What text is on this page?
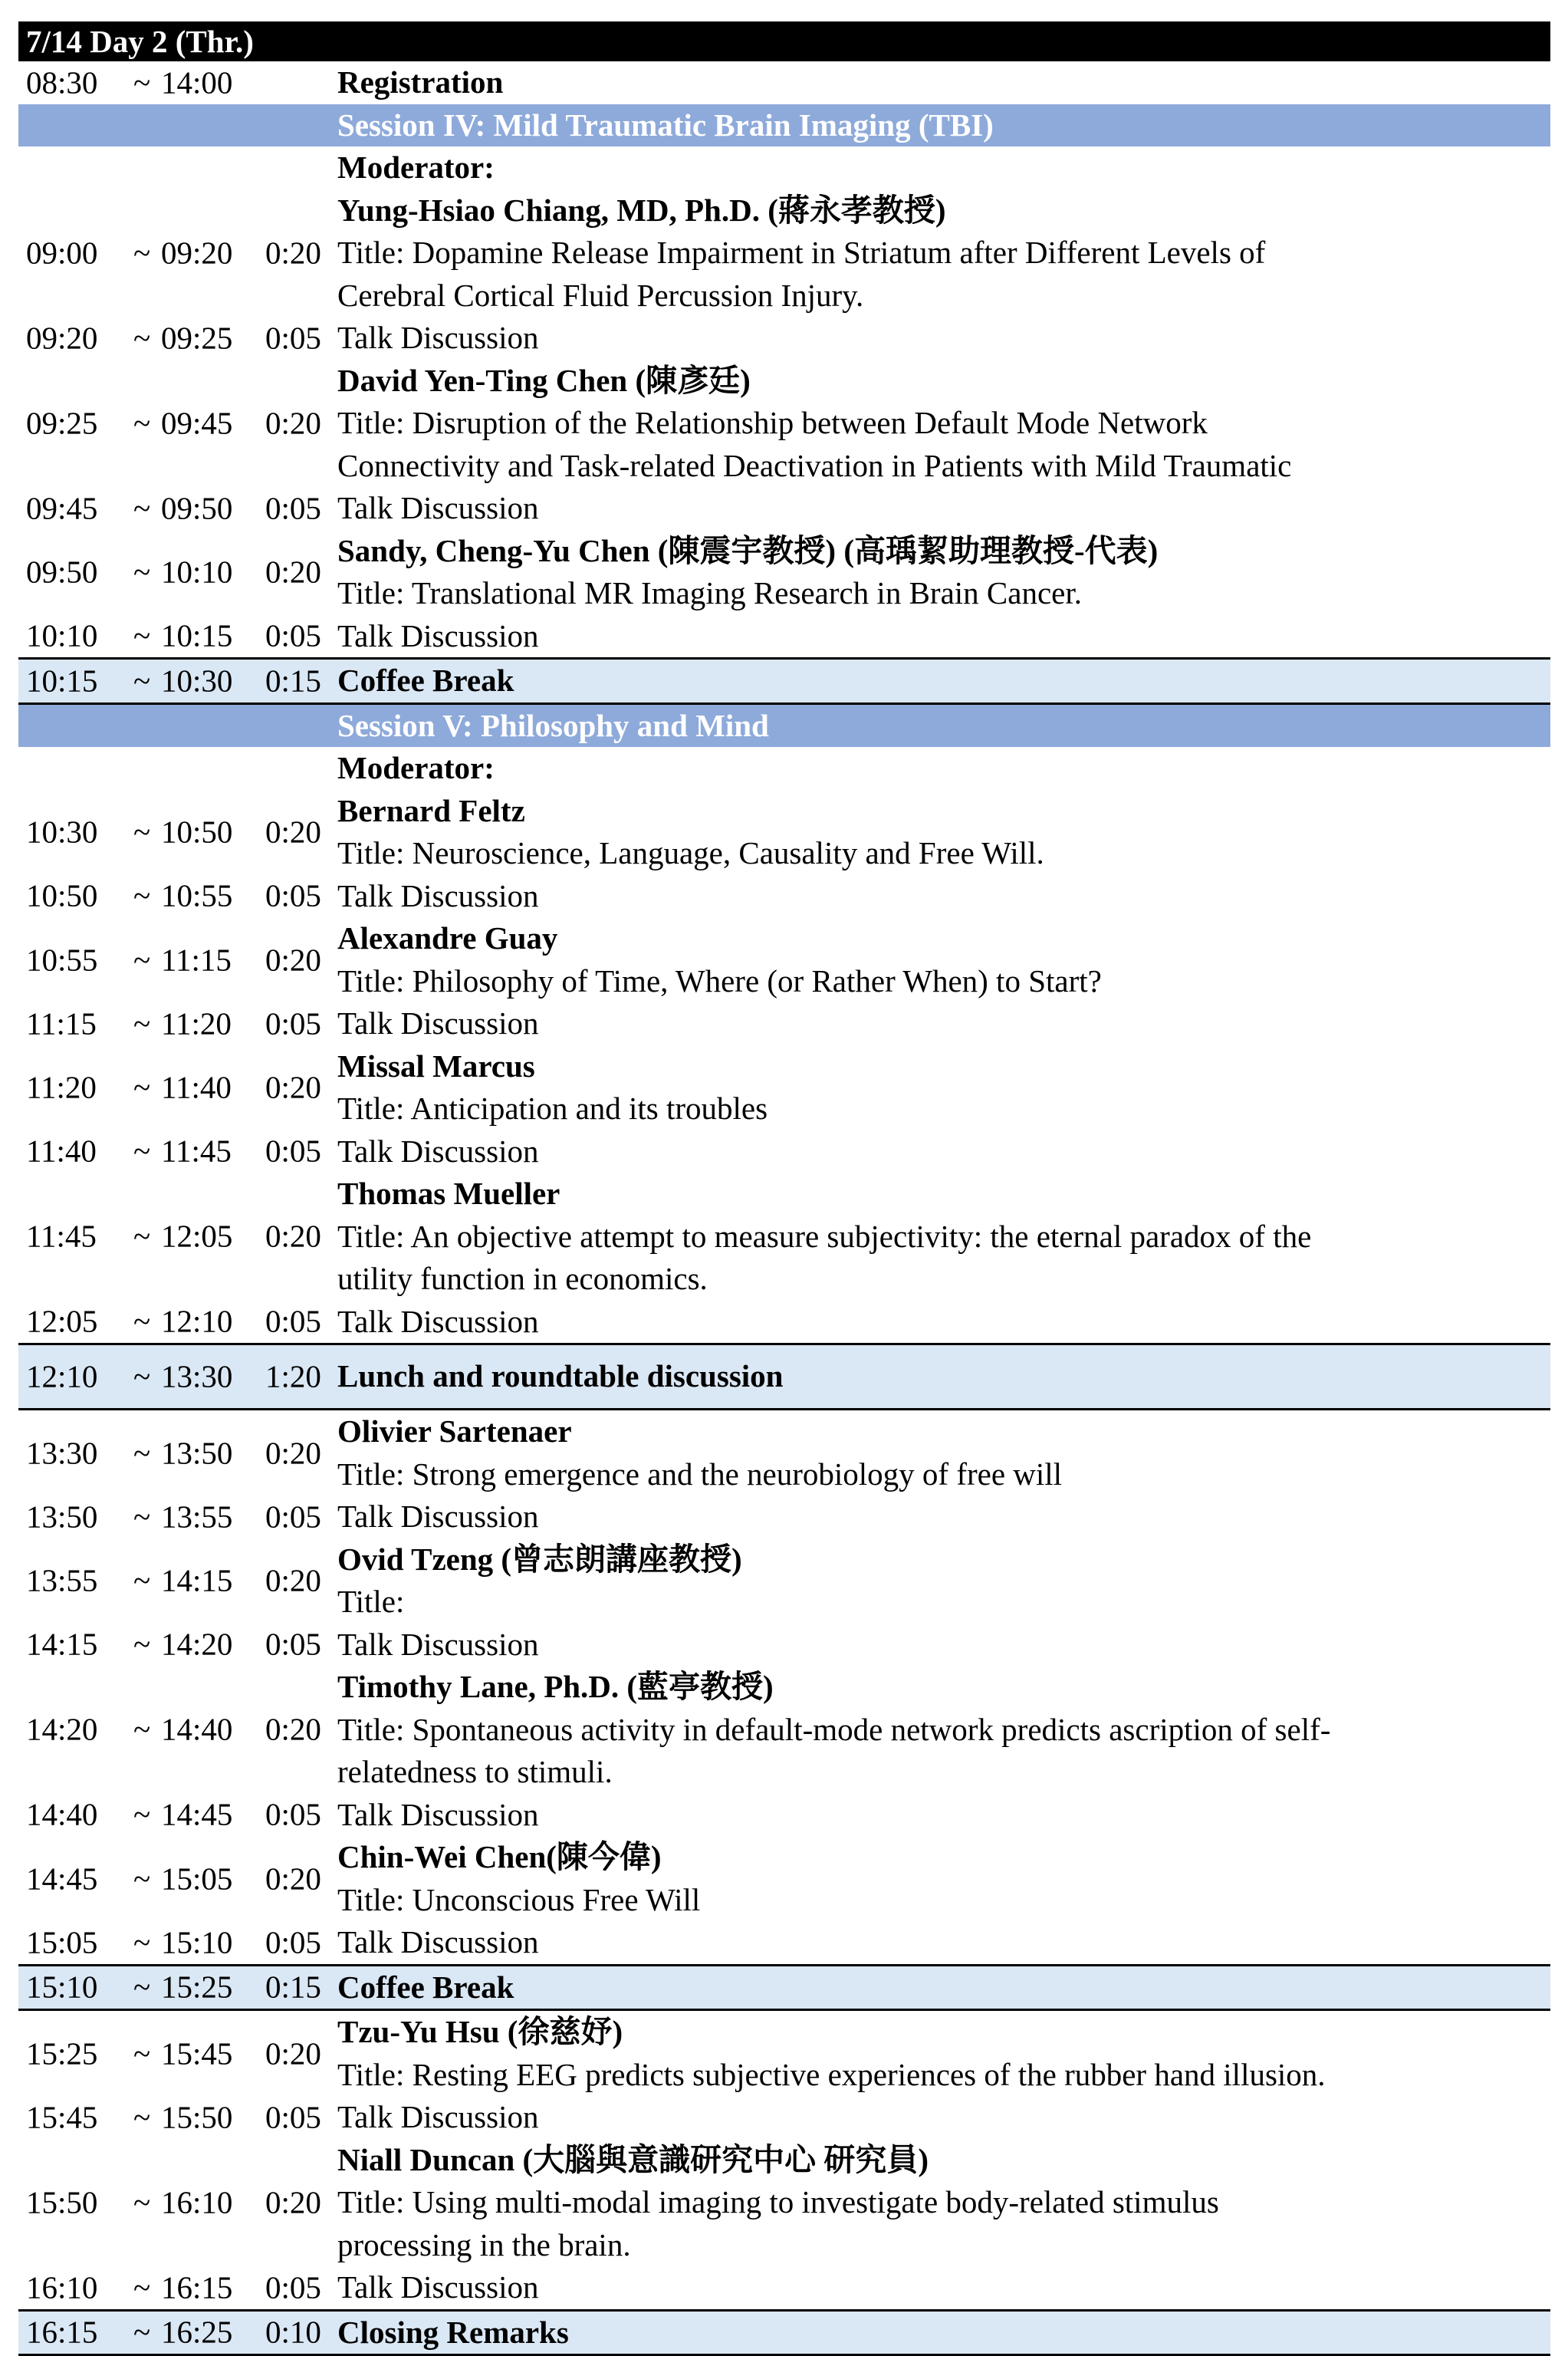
7/14 Day 2 (Thr.)
08:30 ~ 14:00	Registration
Session IV: Mild Traumatic Brain Imaging (TBI)
Moderator:
09:00 ~ 09:20 0:20
Yung-Hsiao Chiang, MD, Ph.D. (蔣永孝教授)
Title: Dopamine Release Impairment in Striatum after Different Levels of
Cerebral Cortical Fluid Percussion Injury.
09:20 ~ 09:25 0:05 Talk Discussion
09:25 ~ 09:45 0:20
David Yen-Ting Chen (陳彥廷)
Title: Disruption of the Relationship between Default Mode Network
Connectivity and Task-related Deactivation in Patients with Mild Traumatic
09:45 ~ 09:50 0:05 Talk Discussion
09:50 ~ 10:10 0:20
Sandy, Cheng-Yu Chen (陳震宇教授) (高瑀絜助理教授-代表)
Title: Translational MR Imaging Research in Brain Cancer.
10:10 ~ 10:15 0:05 Talk Discussion
10:15 ~ 10:30 0:15 Coffee Break
Session V: Philosophy and Mind
Moderator:
10:30 ~ 10:50 0:20
Bernard Feltz
Title: Neuroscience, Language, Causality and Free Will.
10:50 ~ 10:55 0:05 Talk Discussion
10:55 ~ 11:15 0:20
Alexandre Guay
Title: Philosophy of Time, Where (or Rather When) to Start?
11:15 ~ 11:20 0:05 Talk Discussion
11:20 ~ 11:40 0:20
Missal Marcus
Title: Anticipation and its troubles
11:40 ~ 11:45 0:05 Talk Discussion
11:45 ~ 12:05 0:20
Thomas Mueller
Title: An objective attempt to measure subjectivity: the eternal paradox of the
utility function in economics.
12:05 ~ 12:10 0:05 Talk Discussion
12:10 ~ 13:30 1:20 Lunch and roundtable discussion
13:30 ~ 13:50 0:20
Olivier Sartenaer
Title: Strong emergence and the neurobiology of free will
13:50 ~ 13:55 0:05 Talk Discussion
13:55 ~ 14:15 0:20
Ovid Tzeng (曾志朗講座教授)
Title:
14:15 ~ 14:20 0:05 Talk Discussion
14:20 ~ 14:40 0:20
Timothy Lane, Ph.D. (藍亭教授)
Title: Spontaneous activity in default-mode network predicts ascription of self-
relatedness to stimuli.
14:40 ~ 14:45 0:05 Talk Discussion
14:45 ~ 15:05 0:20
Chin-Wei Chen(陳今偉)
Title: Unconscious Free Will
15:05 ~ 15:10 0:05 Talk Discussion
15:10 ~ 15:25 0:15 Coffee Break
15:25 ~ 15:45 0:20
Tzu-Yu Hsu (徐慈妤)
Title: Resting EEG predicts subjective experiences of the rubber hand illusion.
15:45 ~ 15:50 0:05 Talk Discussion
15:50 ~ 16:10 0:20
Niall Duncan (大腦與意識研究中心 研究員)
Title: Using multi-modal imaging to investigate body-related stimulus
processing in the brain.
16:10 ~ 16:15 0:05 Talk Discussion
16:15 ~ 16:25 0:10 Closing Remarks
